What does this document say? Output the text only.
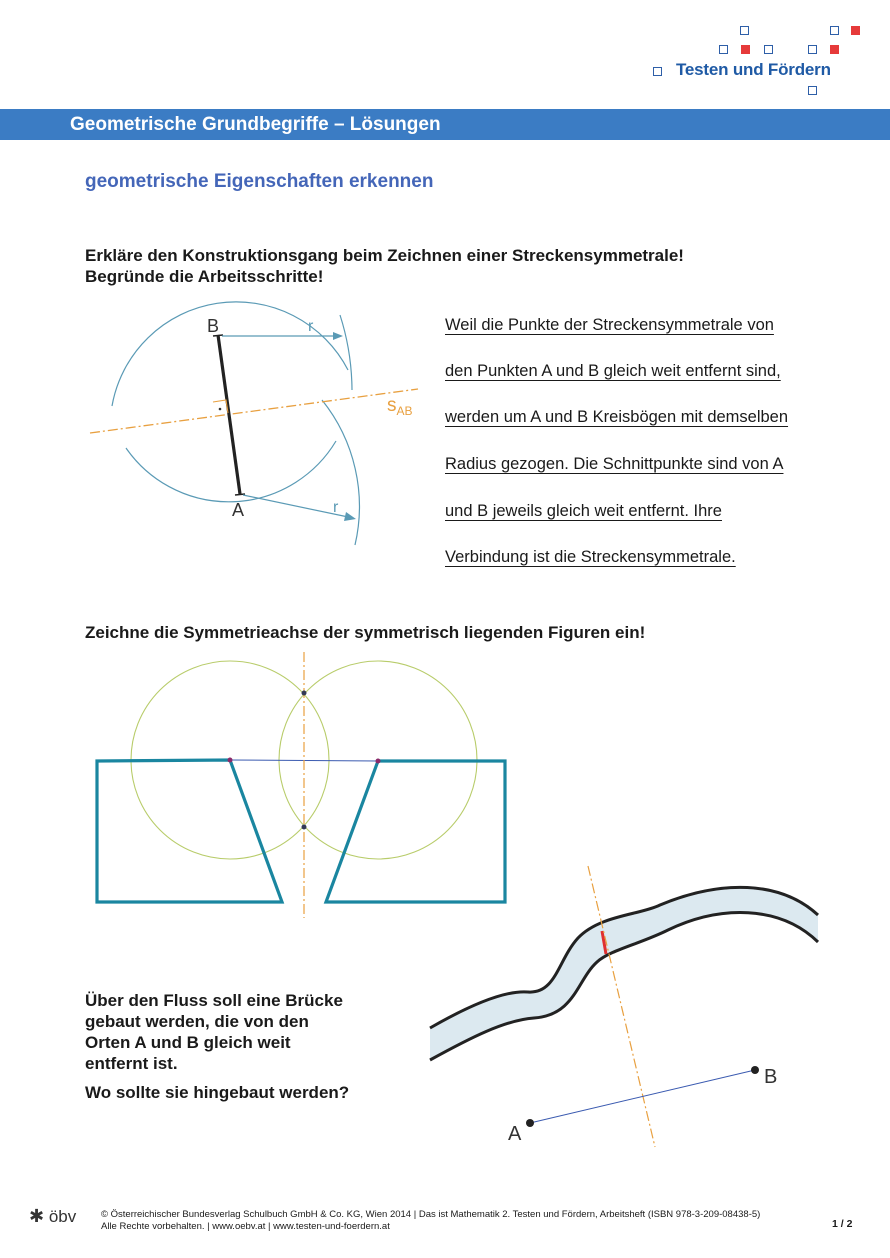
Testen und Fördern
Geometrische Grundbegriffe – Lösungen
geometrische Eigenschaften erkennen
Erkläre den Konstruktionsgang beim Zeichnen einer Streckensymmetrale!
Begründe die Arbeitsschritte!
B
A
r
r
$s_{AB}$
A
B
Weil die Punkte der Streckensymmetrale von
den Punkten A und B gleich weit entfernt sind,
werden um A und B Kreisbögen mit demselben
Radius gezogen. Die Schnittpunkte sind von A
und B jeweils gleich weit entfernt. Ihre
Verbindung ist die Streckensymmetrale.
Zeichne die Symmetrieachse der symmetrisch liegenden Figuren ein!
Über den Fluss soll eine Brücke
gebaut werden, die von den
Orten A und B gleich weit
entfernt ist.
Wo sollte sie hingebaut werden?
✱ öbv	© Österreichischer Bundesverlag Schulbuch GmbH & Co. KG, Wien 2014 | Das ist Mathematik 2. Testen und Fördern, Arbeitsheft (ISBN 978-3-209-08438-5)
Alle Rechte vorbehalten. | www.oebv.at | www.testen-und-foerdern.at	1 / 2
